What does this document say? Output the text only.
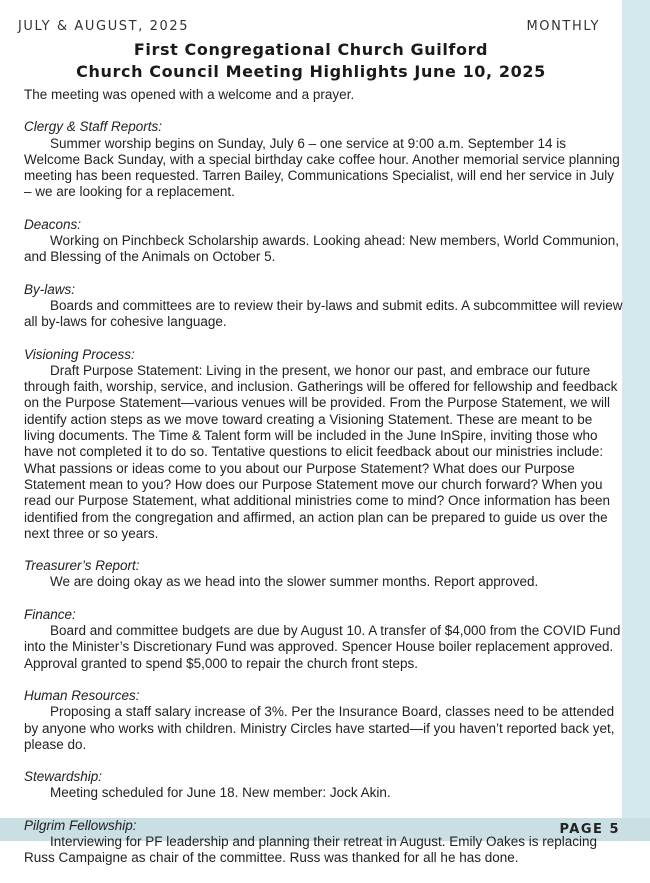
JULY & AUGUST, 2025	MONTHLY
First Congregational Church Guilford
Church Council Meeting Highlights June 10, 2025

The meeting was opened with a welcome and a prayer.

Clergy & Staff Reports:

Summer worship begins on Sunday, July 6 – one service at 9:00 a.m. September 14 is Welcome Back Sunday, with a special birthday cake coffee hour. Another memorial service planning meeting has been requested. Tarren Bailey, Communications Specialist, will end her service in July – we are looking for a replacement.

Deacons:

Working on Pinchbeck Scholarship awards. Looking ahead: New members, World Communion, and Blessing of the Animals on October 5.

By-laws:

Boards and committees are to review their by-laws and submit edits. A subcommittee will review all by-laws for cohesive language.

Visioning Process:

Draft Purpose Statement: Living in the present, we honor our past, and embrace our future through faith, worship, service, and inclusion. Gatherings will be offered for fellowship and feedback on the Purpose Statement—various venues will be provided. From the Purpose Statement, we will identify action steps as we move toward creating a Visioning Statement. These are meant to be living documents. The Time & Talent form will be included in the June InSpire, inviting those who have not completed it to do so. Tentative questions to elicit feedback about our ministries include: What passions or ideas come to you about our Purpose Statement? What does our Purpose Statement mean to you? How does our Purpose Statement move our church forward? When you read our Purpose Statement, what additional ministries come to mind? Once information has been identified from the congregation and affirmed, an action plan can be prepared to guide us over the next three or so years.

Treasurer’s Report:

We are doing okay as we head into the slower summer months. Report approved.

Finance:

Board and committee budgets are due by August 10. A transfer of $4,000 from the COVID Fund into the Minister’s Discretionary Fund was approved. Spencer House boiler replacement approved. Approval granted to spend $5,000 to repair the church front steps.

Human Resources:

Proposing a staff salary increase of 3%. Per the Insurance Board, classes need to be attended by anyone who works with children. Ministry Circles have started—if you haven’t reported back yet, please do.

Stewardship:

Meeting scheduled for June 18. New member: Jock Akin.

Pilgrim Fellowship:

Interviewing for PF leadership and planning their retreat in August. Emily Oakes is replacing Russ Campaigne as chair of the committee. Russ was thanked for all he has done.

PAGE 5
